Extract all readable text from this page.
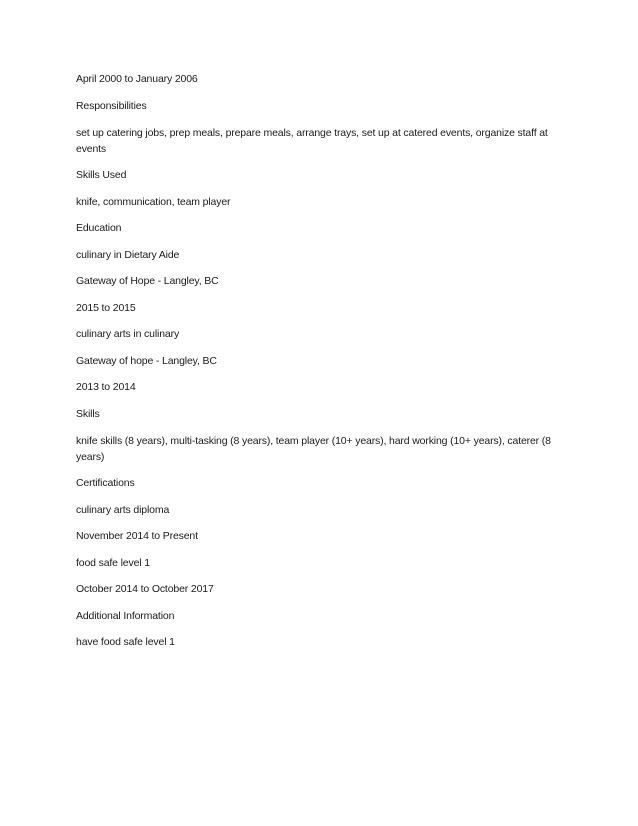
April 2000 to January 2006

Responsibilities

set up catering jobs, prep meals, prepare meals, arrange trays, set up at catered events, organize staff at events

Skills Used

knife, communication, team player

Education

culinary in Dietary Aide

Gateway of Hope - Langley, BC

2015 to 2015

culinary arts in culinary

Gateway of hope - Langley, BC

2013 to 2014

Skills

knife skills (8 years), multi-tasking (8 years), team player (10+ years), hard working (10+ years), caterer (8 years)

Certifications

culinary arts diploma

November 2014 to Present

food safe level 1

October 2014 to October 2017

Additional Information

have food safe level 1
